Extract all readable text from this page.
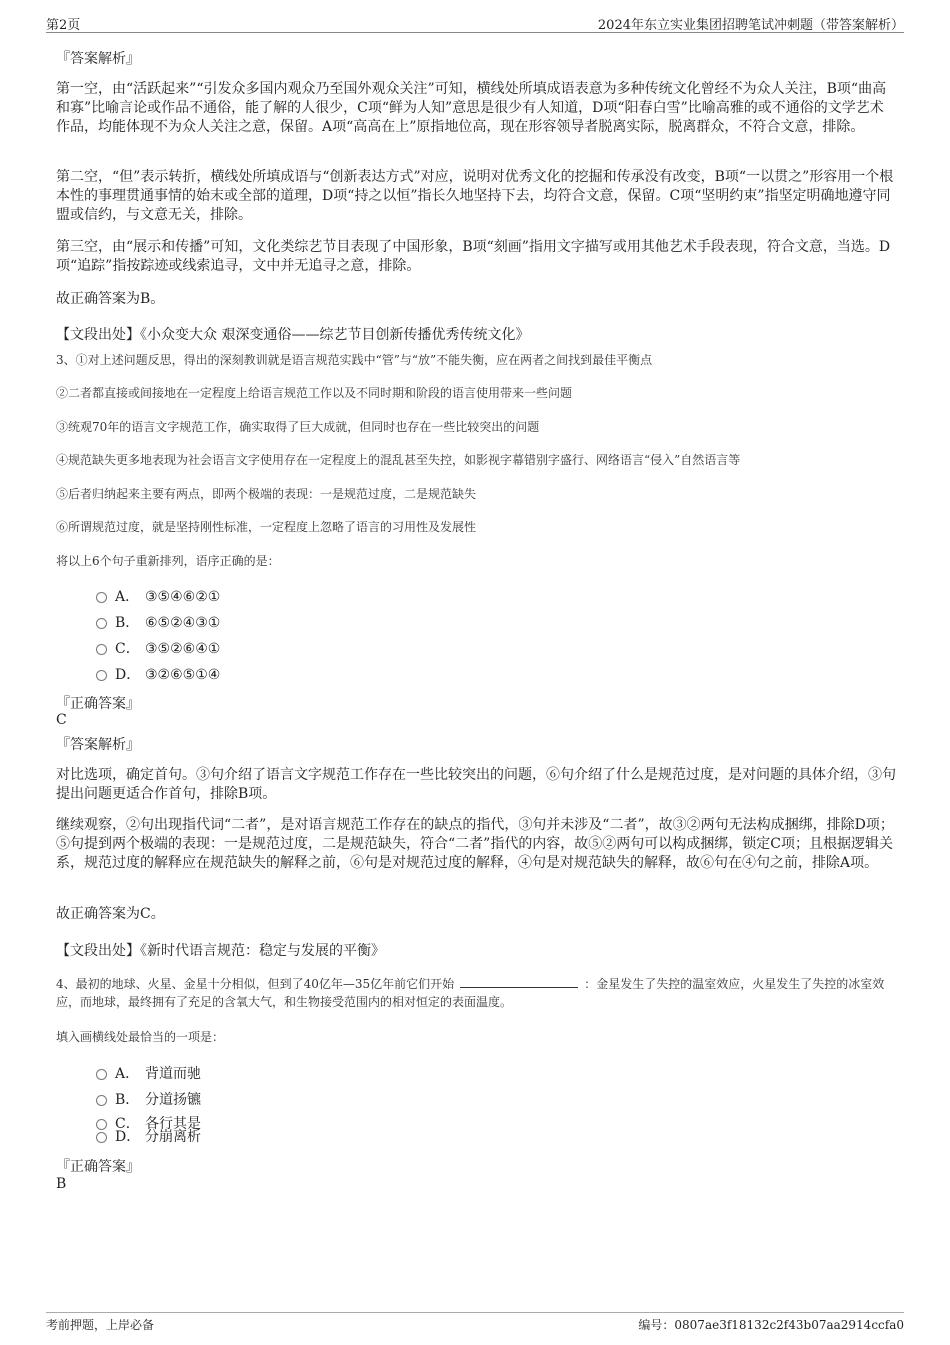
第2页	2024年东立实业集团招聘笔试冲刺题（带答案解析）
『答案解析』

第一空，由“活跃起来”“引发众多国内观众乃至国外观众关注”可知，横线处所填成语表意为多种传统文化曾经不为众人关注，B项“曲高和寡”比喻言论或作品不通俗，能了解的人很少，C项“鲜为人知”意思是很少有人知道，D项“阳春白雪”比喻高雅的或不通俗的文学艺术作品，均能体现不为众人关注之意，保留。A项“高高在上”原指地位高，现在形容领导者脱离实际，脱离群众，不符合文意，排除。

第二空，“但”表示转折，横线处所填成语与“创新表达方式”对应，说明对优秀文化的挖掘和传承没有改变，B项“一以贯之”形容用一个根本性的事理贯通事情的始末或全部的道理，D项“持之以恒”指长久地坚持下去，均符合文意，保留。C项“坚明约束”指坚定明确地遵守同盟或信约，与文意无关，排除。

第三空，由“展示和传播”可知，文化类综艺节目表现了中国形象，B项“刻画”指用文字描写或用其他艺术手段表现，符合文意，当选。D项“追踪”指按踪迹或线索追寻，文中并无追寻之意，排除。

故正确答案为B。

【文段出处】《小众变大众 艰深变通俗——综艺节目创新传播优秀传统文化》
3、①对上述问题反思，得出的深刻教训就是语言规范实践中“管”与“放”不能失衡，应在两者之间找到最佳平衡点
②二者都直接或间接地在一定程度上给语言规范工作以及不同时期和阶段的语言使用带来一些问题
③统观70年的语言文字规范工作，确实取得了巨大成就，但同时也存在一些比较突出的问题
④规范缺失更多地表现为社会语言文字使用存在一定程度上的混乱甚至失控，如影视字幕错别字盛行、网络语言“侵入”自然语言等
⑤后者归纳起来主要有两点，即两个极端的表现：一是规范过度，二是规范缺失
⑥所谓规范过度，就是坚持刚性标准，一定程度上忽略了语言的习用性及发展性
将以上6个句子重新排列，语序正确的是：
A． ③⑤④⑥②①
B． ⑥⑤②④③①
C． ③⑤②⑥④①
D． ③②⑥⑤①④
『正确答案』
C
『答案解析』

对比选项，确定首句。③句介绍了语言文字规范工作存在一些比较突出的问题，⑥句介绍了什么是规范过度，是对问题的具体介绍，③句提出问题更适合作首句，排除B项。

继续观察，②句出现指代词“二者”，是对语言规范工作存在的缺点的指代，③句并未涉及“二者”，故③②两句无法构成捆绑，排除D项；⑤句提到两个极端的表现：一是规范过度，二是规范缺失，符合“二者”指代的内容，故⑤②两句可以构成捆绑，锁定C项；且根据逻辑关系，规范过度的解释应在规范缺失的解释之前，⑥句是对规范过度的解释，④句是对规范缺失的解释，故⑥句在④句之前，排除A项。

故正确答案为C。

【文段出处】《新时代语言规范：稳定与发展的平衡》
4、最初的地球、火星、金星十分相似，但到了40亿年—35亿年前它们开始	：金星发生了失控的温室效应，火星发生了失控的冰室效应，而地球，最终拥有了充足的含氧大气，和生物接受范围内的相对恒定的表面温度。
填入画横线处最恰当的一项是：
A． 背道而驰
B． 分道扬镳
C． 各行其是
D． 分崩离析
『正确答案』
B
考前押题，上岸必备	编号：0807ae3f18132c2f43b07aa2914ccfa0
